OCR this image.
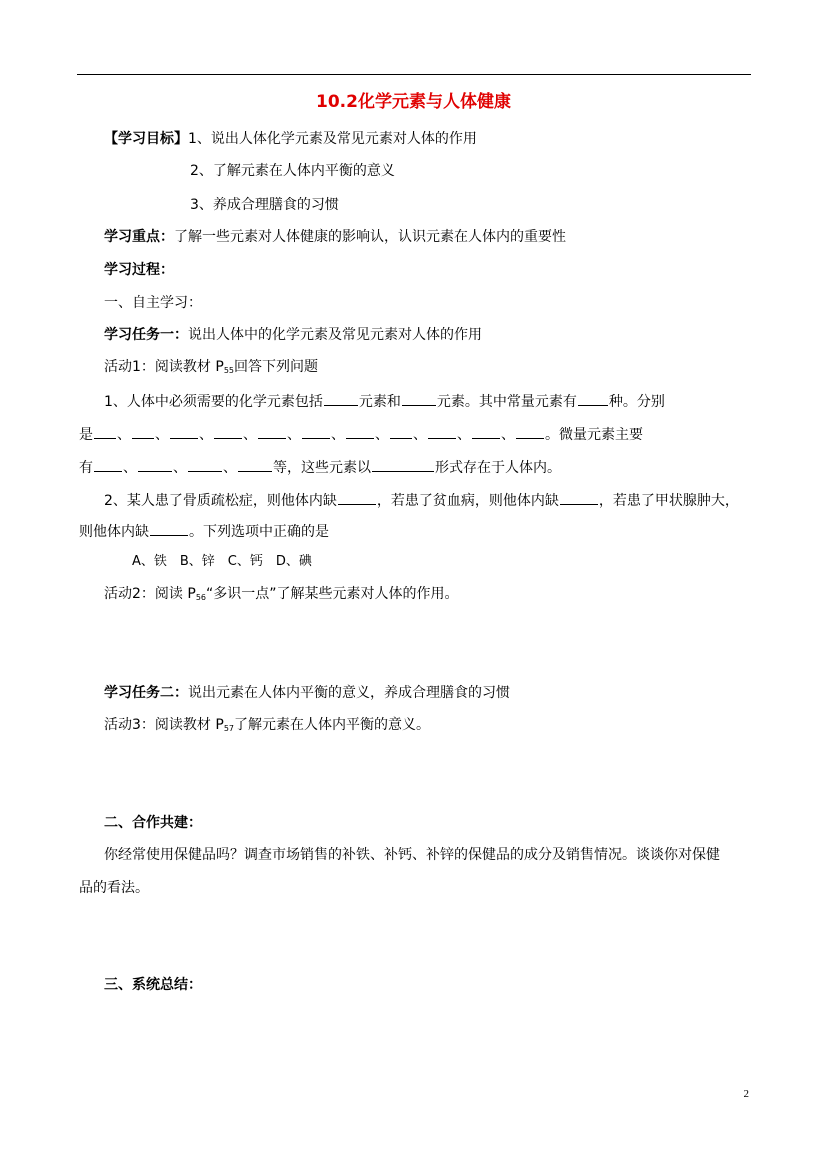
10.2化学元素与人体健康
【学习目标】1、说出人体化学元素及常见元素对人体的作用
2、了解元素在人体内平衡的意义
3、养成合理膳食的习惯
学习重点：了解一些元素对人体健康的影响认，认识元素在人体内的重要性
学习过程：
一、自主学习：
学习任务一：说出人体中的化学元素及常见元素对人体的作用
活动1：阅读教材 $P_{55}$回答下列问题
1、人体中必须需要的化学元素包括	元素和	元素。其中常量元素有 种。分别
是 、 、 、 、 、 、 、 、 、 、 。微量元素主要
有 、	、	、	等，这些元素以	形式存在于人体内。
2、某人患了骨质疏松症，则他体内缺	，若患了贫血病，则他体内缺	，若患了甲状腺肿大，
则他体内缺	。下列选项中正确的是
A、铁　B、锌　C、钙　D、碘
活动2：阅读 $P_{56}“$多识一点”了解某些元素对人体的作用。
学习任务二：说出元素在人体内平衡的意义，养成合理膳食的习惯
活动3：阅读教材 $P_{57}$了解元素在人体内平衡的意义。
二、合作共建：
你经常使用保健品吗？调查市场销售的补铁、补钙、补锌的保健品的成分及销售情况。谈谈你对保健
品的看法。
三、系统总结：
2
